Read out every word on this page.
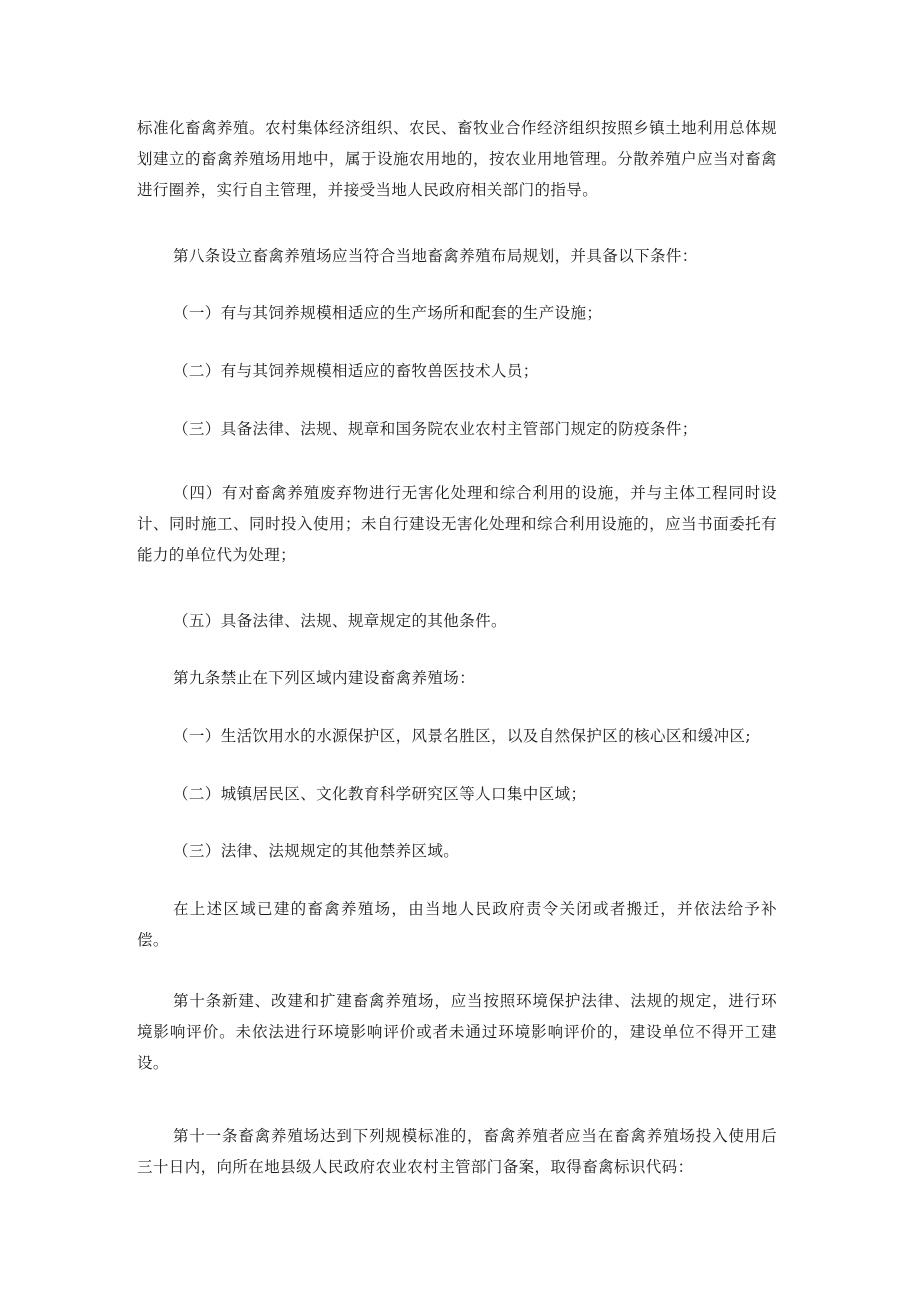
标准化畜禽养殖。农村集体经济组织、农民、畜牧业合作经济组织按照乡镇土地利用总体规划建立的畜禽养殖场用地中，属于设施农用地的，按农业用地管理。分散养殖户应当对畜禽进行圈养，实行自主管理，并接受当地人民政府相关部门的指导。

第八条设立畜禽养殖场应当符合当地畜禽养殖布局规划，并具备以下条件：

（一）有与其饲养规模相适应的生产场所和配套的生产设施；

（二）有与其饲养规模相适应的畜牧兽医技术人员；

（三）具备法律、法规、规章和国务院农业农村主管部门规定的防疫条件；

（四）有对畜禽养殖废弃物进行无害化处理和综合利用的设施，并与主体工程同时设计、同时施工、同时投入使用；未自行建设无害化处理和综合利用设施的，应当书面委托有能力的单位代为处理；

（五）具备法律、法规、规章规定的其他条件。

第九条禁止在下列区域内建设畜禽养殖场：

（一）生活饮用水的水源保护区，风景名胜区，以及自然保护区的核心区和缓冲区;

（二）城镇居民区、文化教育科学研究区等人口集中区域；

（三）法律、法规规定的其他禁养区域。

在上述区域已建的畜禽养殖场，由当地人民政府责令关闭或者搬迁，并依法给予补偿。

第十条新建、改建和扩建畜禽养殖场，应当按照环境保护法律、法规的规定，进行环境影响评价。未依法进行环境影响评价或者未通过环境影响评价的，建设单位不得开工建设。

第十一条畜禽养殖场达到下列规模标准的，畜禽养殖者应当在畜禽养殖场投入使用后三十日内，向所在地县级人民政府农业农村主管部门备案，取得畜禽标识代码：
